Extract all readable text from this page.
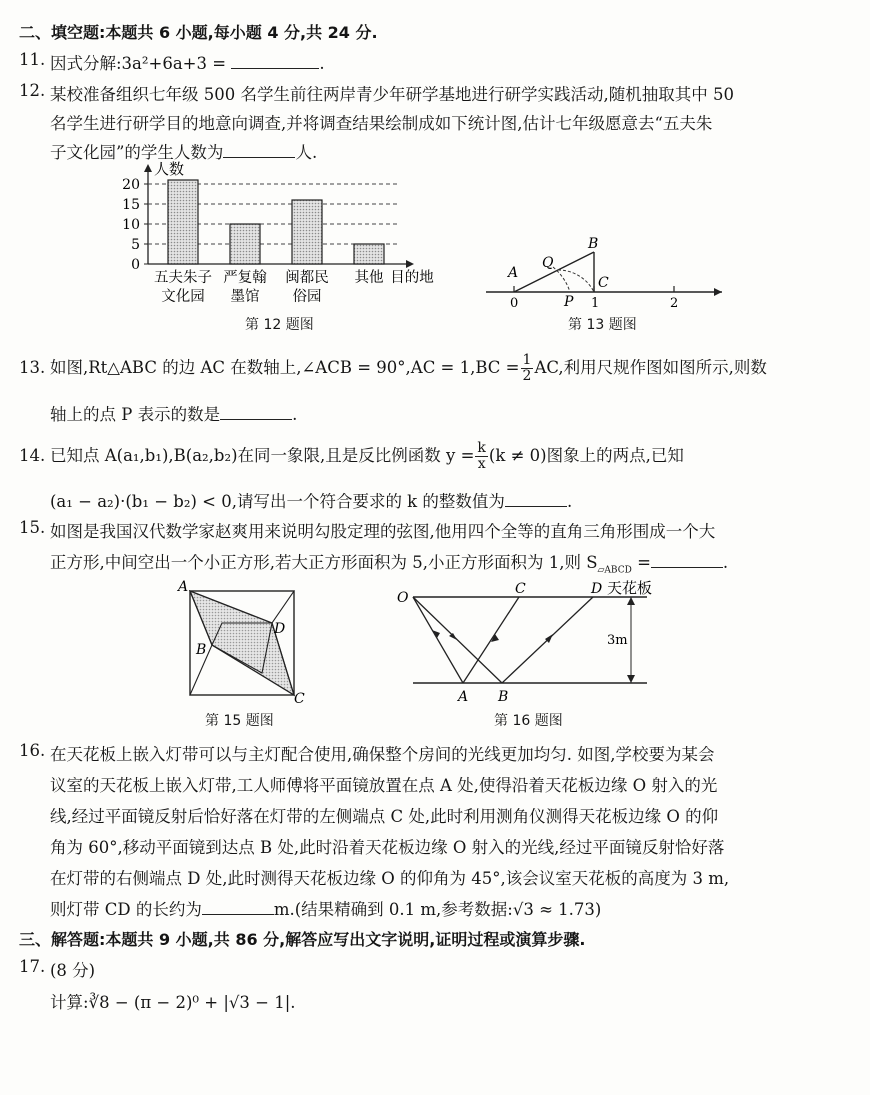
二、填空题:本题共 6 小题,每小题 4 分,共 24 分.
11. 因式分解:3a²+6a+3 =	.
12. 某校准备组织七年级 500 名学生前往两岸青少年研学基地进行研学实践活动,随机抽取其中 50
名学生进行研学目的地意向调查,并将调查结果绘制成如下统计图,估计七年级愿意去“五夫朱
子文化园”的学生人数为	人.
0
5
10
15
20
人数
五夫朱子
文化园
严复翰
墨馆
闽都民
俗园
其他 目的地
第 12 题图
A
Q
B
C
P
0	1	2
第 13 题图
13. 如图,Rt△ABC 的边 AC 在数轴上,∠ACB = $90^\circ,AC = 1,BC = \frac{1}{2}$ AC,利用尺规作图如图所示,则数
轴上的点 P 表示的数是	.
14. 已知点 A(a₁,b₁),B(a₂,b₂)在同一象限,且是反比例函数 $y = \frac{k}{x} (k \ne 0)$图象上的两点,已知
(a₁ − a₂)·(b₁ − b₂) < 0,请写出一个符合要求的 k 的整数值为	.
15. 如图是我国汉代数学家赵爽用来说明勾股定理的弦图,他用四个全等的直角三角形围成一个大
正方形,中间空出一个小正方形,若大正方形面积为 5,小正方形面积为 1,则 $S_{▱ABCD}$ =	.
A
B
D
C
第 15 题图
O
C	D 天花板
3m
A B
第 16 题图
16. 在天花板上嵌入灯带可以与主灯配合使用,确保整个房间的光线更加均匀. 如图,学校要为某会
议室的天花板上嵌入灯带,工人师傅将平面镜放置在点 A 处,使得沿着天花板边缘 O 射入的光
线,经过平面镜反射后恰好落在灯带的左侧端点 C 处,此时利用测角仪测得天花板边缘 O 的仰
角为 60°,移动平面镜到达点 B 处,此时沿着天花板边缘 O 射入的光线,经过平面镜反射恰好落
在灯带的右侧端点 D 处,此时测得天花板边缘 O 的仰角为 45°,该会议室天花板的高度为 3 m,
则灯带 CD 的长约为	m.(结果精确到 0.1 m,参考数据:√3 ≈ 1.73)
三、解答题:本题共 9 小题,共 86 分,解答应写出文字说明,证明过程或演算步骤.
17. (8 分)
计算:∛8 − (π − 2)⁰ + |√3 − 1|.
